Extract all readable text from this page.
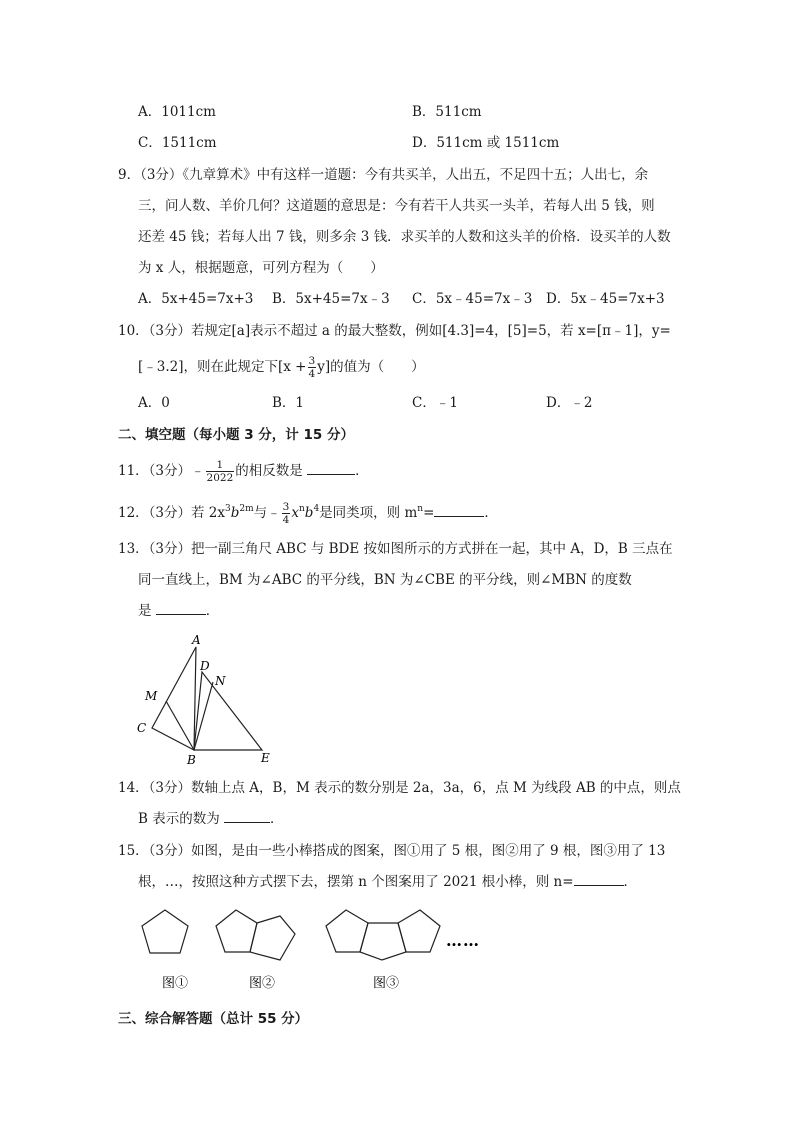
A．1011cm	B．511cm
C．1511cm	D．511cm 或 1511cm
9．（3分）《九章算术》中有这样一道题：今有共买羊，人出五，不足四十五；人出七，余
三，问人数、羊价几何？这道题的意思是：今有若干人共买一头羊，若每人出 5 钱，则
还差 45 钱；若每人出 7 钱，则多余 3 钱．求买羊的人数和这头羊的价格．设买羊的人数
为 x 人，根据题意，可列方程为（　　）
A．5x+45=7x+3 B．5x+45=7x﹣3 C．5x﹣45=7x﹣3 D．5x﹣45=7x+3
10．（3分）若规定[a]表示不超过 a 的最大整数，例如[4.3]=4，[5]=5，若 x=[π﹣1]，y=
[﹣3.2]，则在此规定下$[x + \frac{3}{4} y]$的值为（　　）
A．0	B．1	C．﹣1	D．﹣2
二、填空题（每小题 3 分，计 15 分）
11．（3分）﹣ $\frac{1}{2022}$ 的相反数是	．
12．（3分）若 $2x^3b^{2m}$与﹣ $\frac{3}{4} x^nb^4$是同类项，则 $m^n=$	．
13．（3分）把一副三角尺 ABC 与 BDE 按如图所示的方式拼在一起，其中 A，D，B 三点在
同一直线上，BM 为∠ABC 的平分线，BN 为∠CBE 的平分线，则∠MBN 的度数
是	．
A
D
N
M
C
B	E
14．（3分）数轴上点 A，B，M 表示的数分别是 2a，3a，6，点 M 为线段 AB 的中点，则点
B 表示的数为	．
15．（3分）如图，是由一些小棒搭成的图案，图①用了 5 根，图②用了 9 根，图③用了 13
根，…，按照这种方式摆下去，摆第 n 个图案用了 2021 根小棒，则 n=	．
……
图①	图②	图③
三、综合解答题（总计 55 分）
